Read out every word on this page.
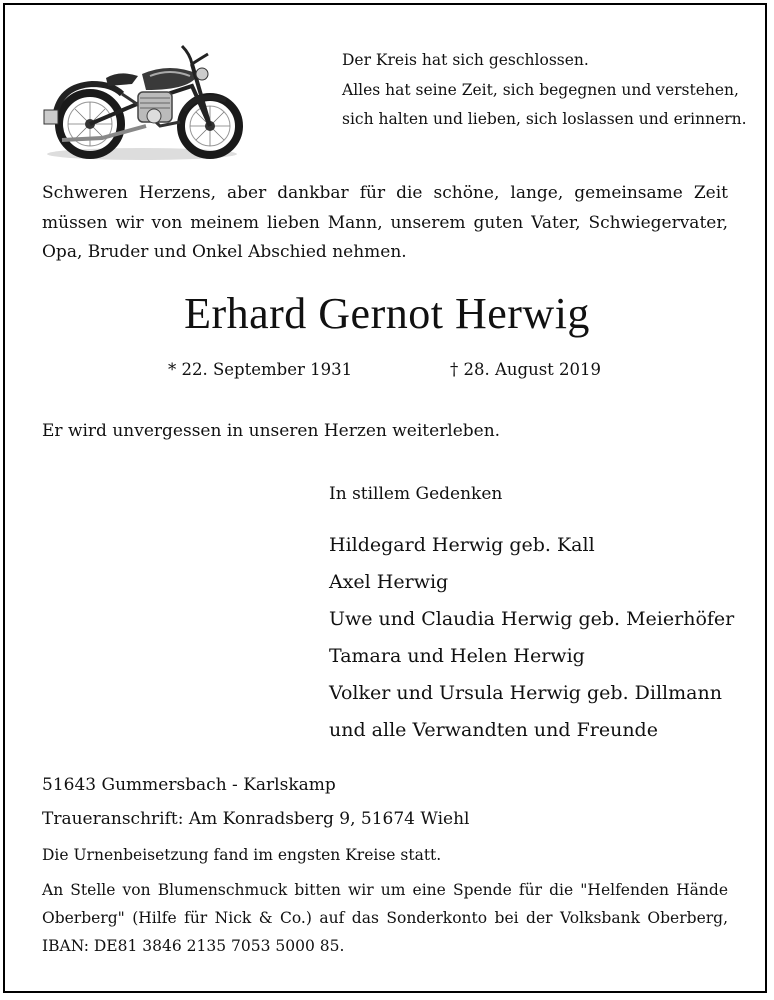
Der Kreis hat sich geschlossen.
Alles hat seine Zeit, sich begegnen und verstehen,
sich halten und lieben, sich loslassen und erinnern.
Schweren Herzens, aber dankbar für die schöne, lange, gemeinsame Zeit müssen wir von meinem lieben Mann, unserem guten Vater, Schwiegervater, Opa, Bruder und Onkel Abschied nehmen.
Erhard Gernot Herwig
* 22. September 1931	† 28. August 2019
Er wird unvergessen in unseren Herzen weiterleben.
In stillem Gedenken
Hildegard Herwig geb. Kall
Axel Herwig
Uwe und Claudia Herwig geb. Meierhöfer
Tamara und Helen Herwig
Volker und Ursula Herwig geb. Dillmann
und alle Verwandten und Freunde
51643 Gummersbach - Karlskamp
Traueranschrift: Am Konradsberg 9, 51674 Wiehl
Die Urnenbeisetzung fand im engsten Kreise statt.
An Stelle von Blumenschmuck bitten wir um eine Spende für die "Helfenden Hände Oberberg" (Hilfe für Nick & Co.) auf das Sonderkonto bei der Volksbank Oberberg, IBAN: DE81 3846 2135 7053 5000 85.
